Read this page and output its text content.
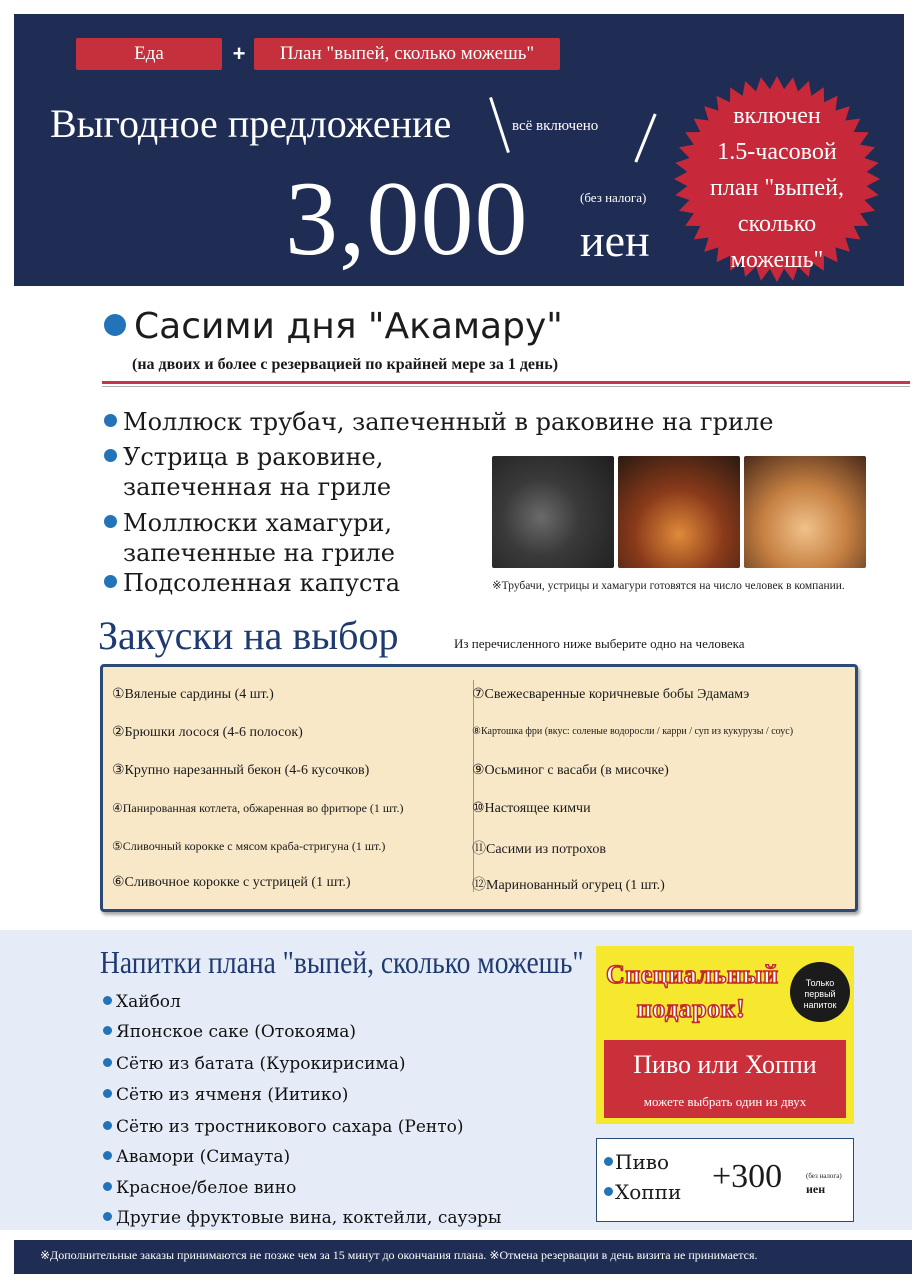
Еда	+	План "выпей, сколько можешь"
Выгодное предложение	всё включено
3,000	(без налога)
иен
включен
1.5-часовой
план "выпей,
сколько
можешь"
Сасими дня "Акамару"
(на двоих и более с резервацией по крайней мере за 1 день)
Моллюск трубач, запеченный в раковине на гриле
Устрица в раковине,
запеченная на гриле
Моллюски хамагури,
запеченные на гриле
Подсоленная капуста	※Трубачи, устрицы и хамагури готовятся на число человек в компании.
Закуски на выбор	Из перечисленного ниже выберите одно на человека
①Вяленые сардины (4 шт.)
②Брюшки лосося (4-6 полосок)
③Крупно нарезанный бекон (4-6 кусочков)
④Панированная котлета, обжаренная во фритюре (1 шт.)
⑤Сливочный корокке с мясом краба-стригуна (1 шт.)
⑥Сливочное корокке с устрицей (1 шт.)
⑦Свежесваренные коричневые бобы Эдамамэ
⑧Картошка фри (вкус: соленые водоросли / карри / суп из кукурузы / соус)
⑨Осьминог с васаби (в мисочке)
⑩Настоящее кимчи
⑪Сасими из потрохов
⑫Маринованный огурец (1 шт.)
Напитки плана "выпей, сколько можешь"
Хайбол
Японское саке (Отокояма)
Сётю из батата (Курокирисима)
Сётю из ячменя (Иитико)
Сётю из тростникового сахара (Ренто)
Авамори (Симаута)
Красное/белое вино
Другие фруктовые вина, коктейли, сауэры
Специальный
подарок!
Только
первый
напиток
Пиво или Хоппи
можете выбрать один из двух
Пиво
Хоппи +300	(без налога)
иен
※Дополнительные заказы принимаются не позже чем за 15 минут до окончания плана. ※Отмена резервации в день визита не принимается.
